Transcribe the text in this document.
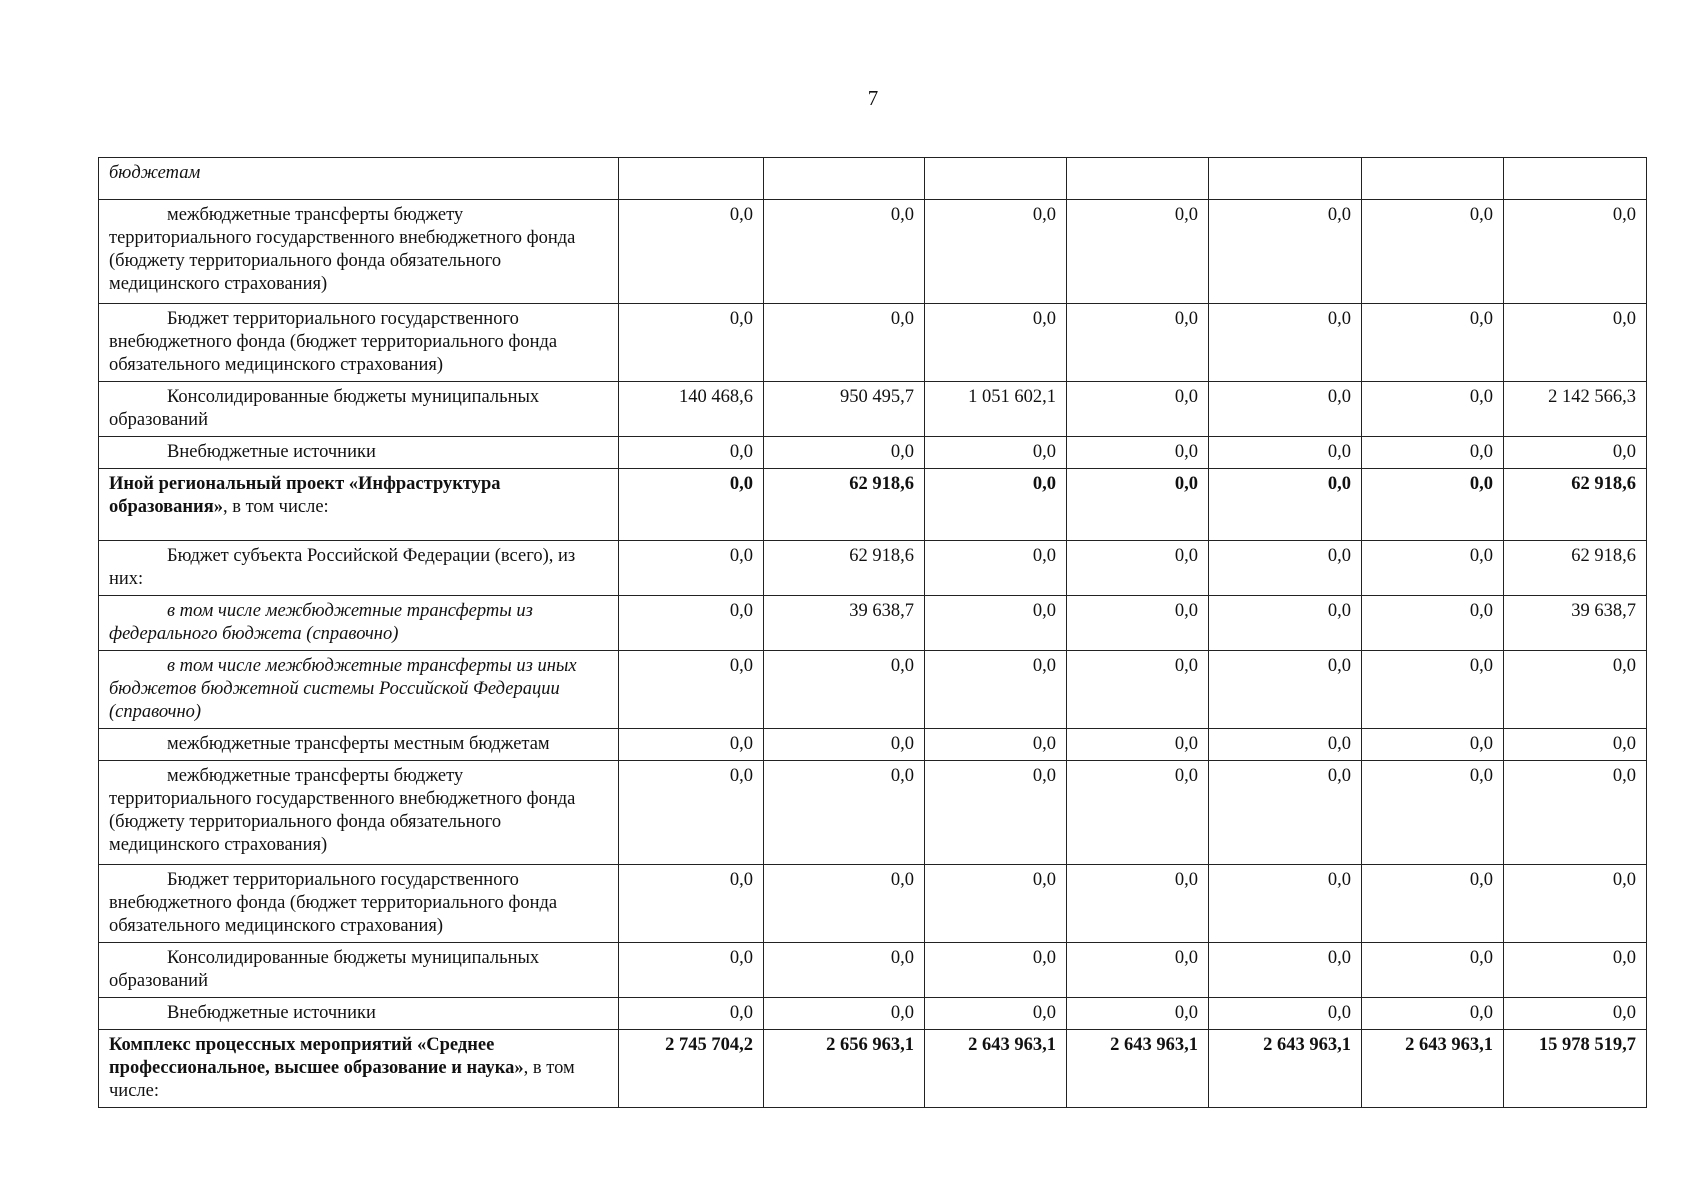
7
бюджетам							
межбюджетные трансферты бюджету территориального государственного внебюджетного фонда (бюджету территориального фонда обязательного медицинского страхования)	0,0	0,0	0,0	0,0	0,0	0,0	0,0
Бюджет территориального государственного внебюджетного фонда (бюджет территориального фонда обязательного медицинского страхования)	0,0	0,0	0,0	0,0	0,0	0,0	0,0
Консолидированные бюджеты муниципальных образований	140 468,6	950 495,7	1 051 602,1	0,0	0,0	0,0	2 142 566,3
Внебюджетные источники	0,0	0,0	0,0	0,0	0,0	0,0	0,0
Иной региональный проект «Инфраструктура образования», в том числе:	0,0	62 918,6	0,0	0,0	0,0	0,0	62 918,6
Бюджет субъекта Российской Федерации (всего), из них:	0,0	62 918,6	0,0	0,0	0,0	0,0	62 918,6
в том числе межбюджетные трансферты из федерального бюджета (справочно)	0,0	39 638,7	0,0	0,0	0,0	0,0	39 638,7
в том числе межбюджетные трансферты из иных бюджетов бюджетной системы Российской Федерации (справочно)	0,0	0,0	0,0	0,0	0,0	0,0	0,0
межбюджетные трансферты местным бюджетам	0,0	0,0	0,0	0,0	0,0	0,0	0,0
межбюджетные трансферты бюджету территориального государственного внебюджетного фонда (бюджету территориального фонда обязательного медицинского страхования)	0,0	0,0	0,0	0,0	0,0	0,0	0,0
Бюджет территориального государственного внебюджетного фонда (бюджет территориального фонда обязательного медицинского страхования)	0,0	0,0	0,0	0,0	0,0	0,0	0,0
Консолидированные бюджеты муниципальных образований	0,0	0,0	0,0	0,0	0,0	0,0	0,0
Внебюджетные источники	0,0	0,0	0,0	0,0	0,0	0,0	0,0
Комплекс процессных мероприятий «Среднее профессиональное, высшее образование и наука», в том числе:	2 745 704,2	2 656 963,1	2 643 963,1	2 643 963,1	2 643 963,1	2 643 963,1	15 978 519,7
